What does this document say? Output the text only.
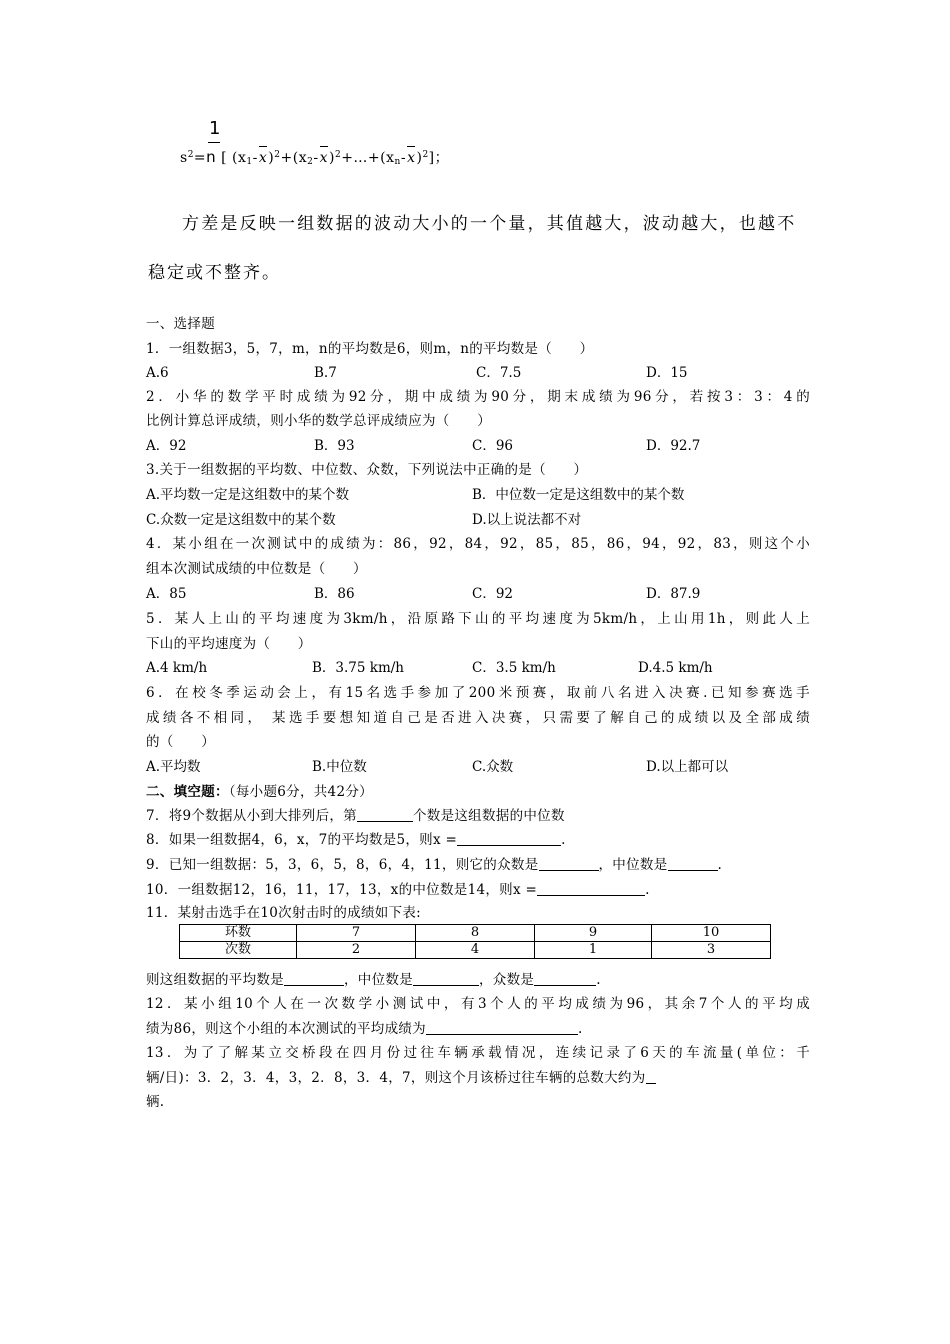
1
$s^2=n$ [ $(x_1-x)^2+(x_2-x)^2+\dots+(x_n-x)^2$]；
方差是反映一组数据的波动大小的一个量，其值越大，波动越大，也越不
稳定或不整齐。
一、选择题
1．一组数据3，5，7，m，n的平均数是6，则m，n的平均数是（　　）
A.6	B.7	C．7.5	D．15
2．小华的数学平时成绩为92分，期中成绩为90分，期末成绩为96分，若按3：3：4的
比例计算总评成绩，则小华的数学总评成绩应为（　　）
A．92	B．93	C．96	D．92.7
3.关于一组数据的平均数、中位数、众数，下列说法中正确的是（　　）
A.平均数一定是这组数中的某个数	B．中位数一定是这组数中的某个数
C.众数一定是这组数中的某个数	D.以上说法都不对
4．某小组在一次测试中的成绩为：86，92，84，92，85，85，86，94，92，83，则这个小
组本次测试成绩的中位数是（　　）
A．85	B．86	C．92	D．87.9
5．某人上山的平均速度为3km/h，沿原路下山的平均速度为5km/h，上山用1h，则此人上
下山的平均速度为（　　）
A.4 km/h	B．3.75 km/h	C．3.5 km/h	D.4.5 km/h
6．在校冬季运动会上，有15名选手参加了200米预赛，取前八名进入决赛.已知参赛选手
成绩各不相同， 某选手要想知道自己是否进入决赛，只需要了解自己的成绩以及全部成绩
的（　　）
A.平均数	B.中位数	C.众数	D.以上都可以
二、填空题：（每小题6分，共42分）
7．将9个数据从小到大排列后，第	个数是这组数据的中位数
8．如果一组数据4，6，x，7的平均数是5，则x =	.
9．已知一组数据：5，3，6，5，8，6，4，11，则它的众数是	，中位数是	.
10．一组数据12，16，11，17，13，x的中位数是14，则x =	.
11．某射击选手在10次射击时的成绩如下表:
环数	7	8	9	10
次数	2	4	1	3
则这组数据的平均数是	，中位数是	，众数是	.
12．某小组10个人在一次数学小测试中，有3个人的平均成绩为96，其余7个人的平均成
绩为86，则这个小组的本次测试的平均成绩为	.
13．为了了解某立交桥段在四月份过往车辆承载情况，连续记录了6天的车流量(单位：千
辆/日)：3．2，3．4，3，2．8，3．4，7，则这个月该桥过往车辆的总数大约为
辆.
